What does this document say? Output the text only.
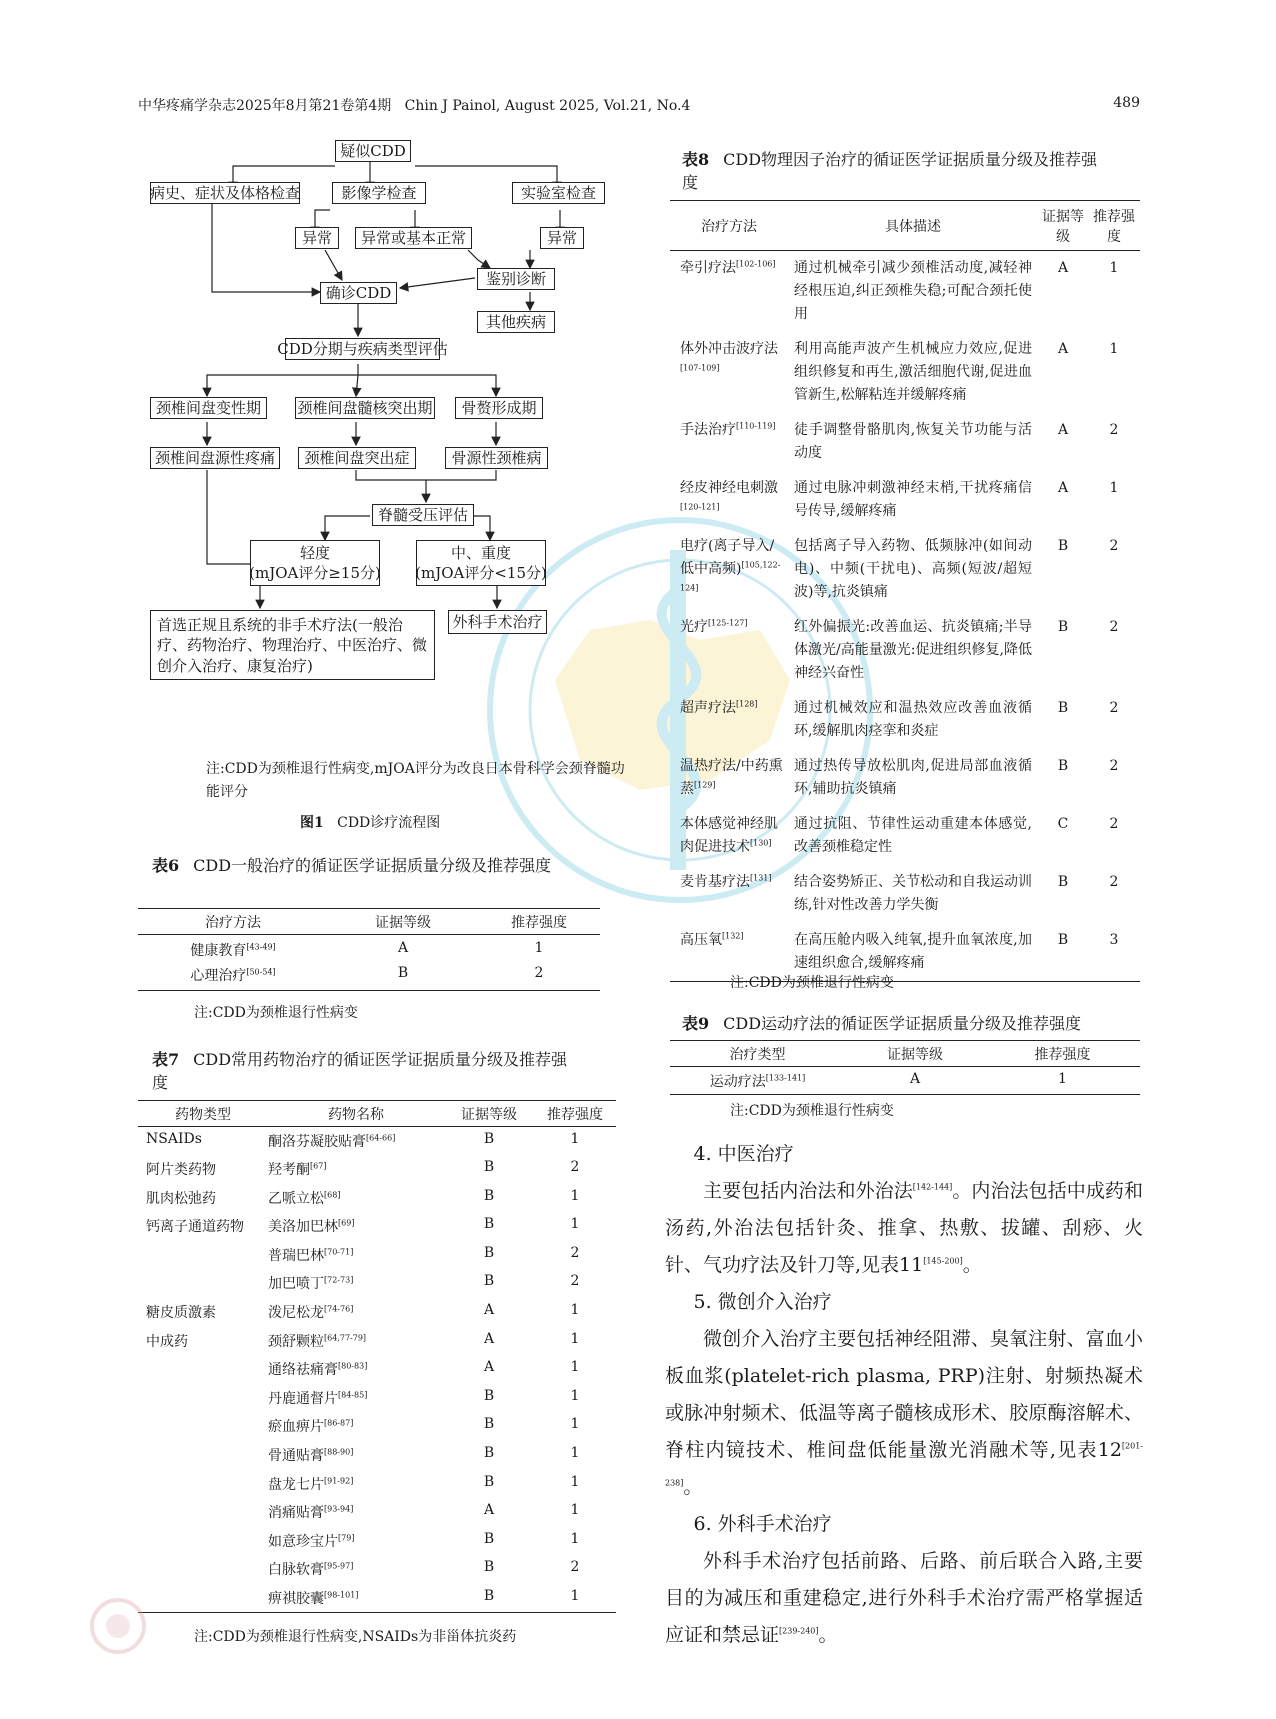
中华疼痛学杂志2025年8月第21卷第4期 Chin J Painol, August 2025, Vol.21, No.4	489
疑似CDD
病史、症状及体格检查	影像学检查	实验室检查
异常	异常或基本正常	异常
确诊CDD
鉴别诊断
其他疾病
CDD分期与疾病类型评估
颈椎间盘变性期	颈椎间盘髓核突出期	骨赘形成期
颈椎间盘源性疼痛	颈椎间盘突出症	骨源性颈椎病
脊髓受压评估
轻度
(mJOA评分≥15分)
中、重度
(mJOA评分<15分)
首选正规且系统的非手术疗法(一般治疗、药物治疗、物理治疗、中医治疗、微创介入治疗、康复治疗)
外科手术治疗
注:CDD为颈椎退行性病变,mJOA评分为改良日本骨科学会颈脊髓功能评分
图1 CDD诊疗流程图
表6 CDD一般治疗的循证医学证据质量分级及推荐强度
治疗方法	证据等级	推荐强度
健康教育[43-49]	A	1
心理治疗[50-54]	B	2
注:CDD为颈椎退行性病变
表7 CDD常用药物治疗的循证医学证据质量分级及推荐强度
药物类型	药物名称	证据等级	推荐强度
NSAIDs	酮洛芬凝胶贴膏[64-66]	B	1
阿片类药物	羟考酮[67]	B	2
肌肉松弛药	乙哌立松[68]	B	1
钙离子通道药物	美洛加巴林[69]	B	1
	普瑞巴林[70-71]	B	2
	加巴喷丁[72-73]	B	2
糖皮质激素	泼尼松龙[74-76]	A	1
中成药	颈舒颗粒[64,77-79]	A	1
	通络祛痛膏[80-83]	A	1
	丹鹿通督片[84-85]	B	1
	瘀血痹片[86-87]	B	1
	骨通贴膏[88-90]	B	1
	盘龙七片[91-92]	B	1
	消痛贴膏[93-94]	A	1
	如意珍宝片[79]	B	1
	白脉软膏[95-97]	B	2
	痹祺胶囊[98-101]	B	1
注:CDD为颈椎退行性病变,NSAIDs为非甾体抗炎药
表8 CDD物理因子治疗的循证医学证据质量分级及推荐强度
治疗方法	具体描述	证据等级	推荐强度
牵引疗法[102-106]	通过机械牵引减少颈椎活动度,减轻神经根压迫,纠正颈椎失稳;可配合颈托使用	A	1
体外冲击波疗法[107-109]	利用高能声波产生机械应力效应,促进组织修复和再生,激活细胞代谢,促进血管新生,松解粘连并缓解疼痛	A	1
手法治疗[110-119]	徒手调整骨骼肌肉,恢复关节功能与活动度	A	2
经皮神经电刺激[120-121]	通过电脉冲刺激神经末梢,干扰疼痛信号传导,缓解疼痛	A	1
电疗(离子导入/低中高频)[105,122-124]	包括离子导入药物、低频脉冲(如间动电)、中频(干扰电)、高频(短波/超短波)等,抗炎镇痛	B	2
光疗[125-127]	红外偏振光:改善血运、抗炎镇痛;半导体激光/高能量激光:促进组织修复,降低神经兴奋性	B	2
超声疗法[128]	通过机械效应和温热效应改善血液循环,缓解肌肉痉挛和炎症	B	2
温热疗法/中药熏蒸[129]	通过热传导放松肌肉,促进局部血液循环,辅助抗炎镇痛	B	2
本体感觉神经肌肉促进技术[130]	通过抗阻、节律性运动重建本体感觉,改善颈椎稳定性	C	2
麦肯基疗法[131]	结合姿势矫正、关节松动和自我运动训练,针对性改善力学失衡	B	2
高压氧[132]	在高压舱内吸入纯氧,提升血氧浓度,加速组织愈合,缓解疼痛	B	3
注:CDD为颈椎退行性病变
表9 CDD运动疗法的循证医学证据质量分级及推荐强度
治疗类型	证据等级	推荐强度
运动疗法[133-141]	A	1
注:CDD为颈椎退行性病变

4. 中医治疗

主要包括内治法和外治法[142-144]。内治法包括中成药和汤药,外治法包括针灸、推拿、热敷、拔罐、刮痧、火针、气功疗法及针刀等,见表11[145-200]。

5. 微创介入治疗

微创介入治疗主要包括神经阻滞、臭氧注射、富血小板血浆(platelet-rich plasma, PRP)注射、射频热凝术或脉冲射频术、低温等离子髓核成形术、胶原酶溶解术、脊柱内镜技术、椎间盘低能量激光消融术等,见表12[201-238]。

6. 外科手术治疗

外科手术治疗包括前路、后路、前后联合入路,主要目的为减压和重建稳定,进行外科手术治疗需严格掌握适应证和禁忌证[239-240]。
